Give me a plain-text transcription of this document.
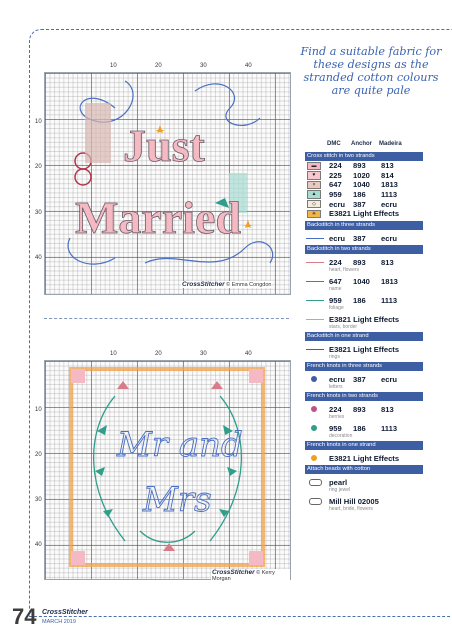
10	20	30	40
10
20
30
40
Just
Married
CrossStitcher © Emma Congdon
10	20	30	40
10
20
30
40
Mr and
Mrs
CrossStitcher © Kerry Morgan
Find a suitable fabric for these designs as the stranded cotton colours are quite pale
DMC	Anchor	Madeira
Cross stitch in two strands
▬	224	893	813
♥	225	1020	814
×	647	1040	1813
▲	959	186	1113
◇	ecru	387	ecru
✳	E3821 Light Effects
Backstitch in three strands
ecru	387	ecru
Backstitch in two strands
224	893	813
heart, flowers
647	1040	1813
name
959	186	1113
foliage
E3821 Light Effects
stars, border
Backstitch in one strand
E3821 Light Effects
rings
French knots in three strands
ecru	387	ecru
letters
French knots in two strands
224	893	813
berries
959	186	1113
decoration
French knots in one strand
E3821 Light Effects
Attach beads with cotton
pearl
ring jewel
Mill Hill 02005
heart, bride, flowers
74 CrossStitcher
MARCH 2019
